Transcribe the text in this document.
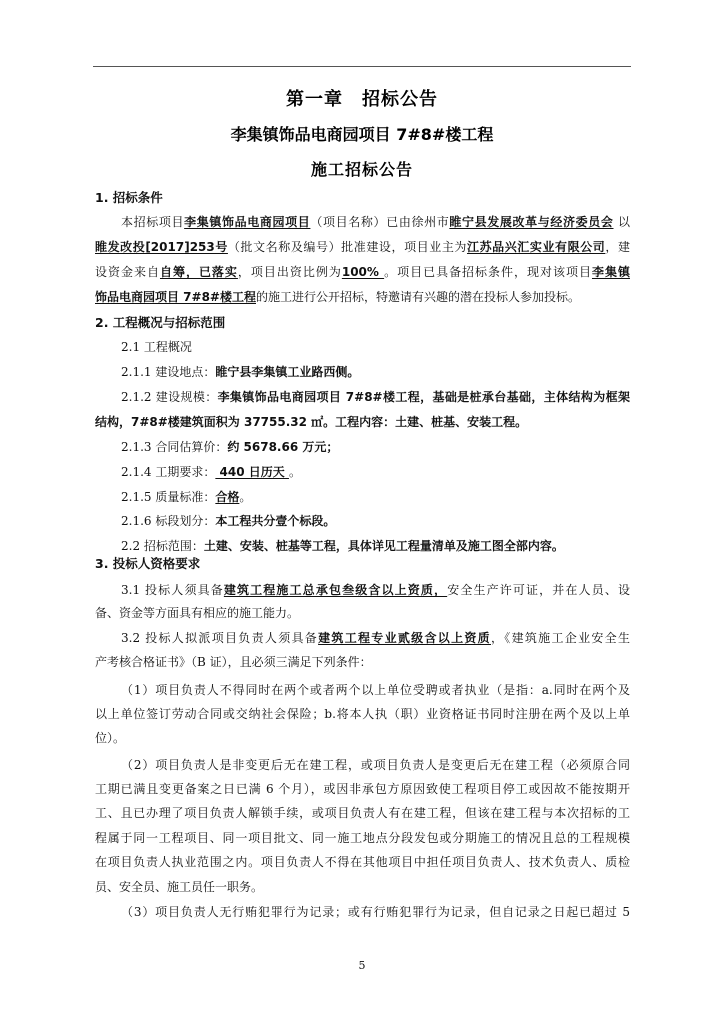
第一章　招标公告
李集镇饰品电商园项目 7#8#楼工程
施工招标公告
1. 招标条件
本招标项目李集镇饰品电商园项目（项目名称）已由徐州市睢宁县发展改革与经济委员会 以
睢发改投[2017]253号（批文名称及编号）批准建设，项目业主为江苏品兴汇实业有限公司，建
设资金来自自筹，已落实，项目出资比例为100% 。项目已具备招标条件，现对该项目李集镇
饰品电商园项目 7#8#楼工程的施工进行公开招标，特邀请有兴趣的潜在投标人参加投标。
2. 工程概况与招标范围
2.1 工程概况
2.1.1 建设地点：睢宁县李集镇工业路西侧。
2.1.2 建设规模：李集镇饰品电商园项目 7#8#楼工程，基础是桩承台基础，主体结构为框架
结构，7#8#楼建筑面积为 37755.32 ㎡。工程内容：土建、桩基、安装工程。
2.1.3 合同估算价：约 5678.66 万元；
2.1.4 工期要求： 440 日历天 。
2.1.5 质量标准：合格。
2.1.6 标段划分：本工程共分壹个标段。
2.2 招标范围：土建、安装、桩基等工程，具体详见工程量清单及施工图全部内容。
3. 投标人资格要求
3.1 投标人须具备建筑工程施工总承包叁级含以上资质，安全生产许可证，并在人员、设
备、资金等方面具有相应的施工能力。
3.2 投标人拟派项目负责人须具备建筑工程专业贰级含以上资质，《建筑施工企业安全生
产考核合格证书》（B 证），且必须三满足下列条件：
（1）项目负责人不得同时在两个或者两个以上单位受聘或者执业（是指：a.同时在两个及
以上单位签订劳动合同或交纳社会保险；b.将本人执（职）业资格证书同时注册在两个及以上单
位）。
（2）项目负责人是非变更后无在建工程，或项目负责人是变更后无在建工程（必须原合同
工期已满且变更备案之日已满 6 个月），或因非承包方原因致使工程项目停工或因故不能按期开
工、且已办理了项目负责人解锁手续，或项目负责人有在建工程，但该在建工程与本次招标的工
程属于同一工程项目、同一项目批文、同一施工地点分段发包或分期施工的情况且总的工程规模
在项目负责人执业范围之内。项目负责人不得在其他项目中担任项目负责人、技术负责人、质检
员、安全员、施工员任一职务。
（3）项目负责人无行贿犯罪行为记录；或有行贿犯罪行为记录，但自记录之日起已超过 5
5
